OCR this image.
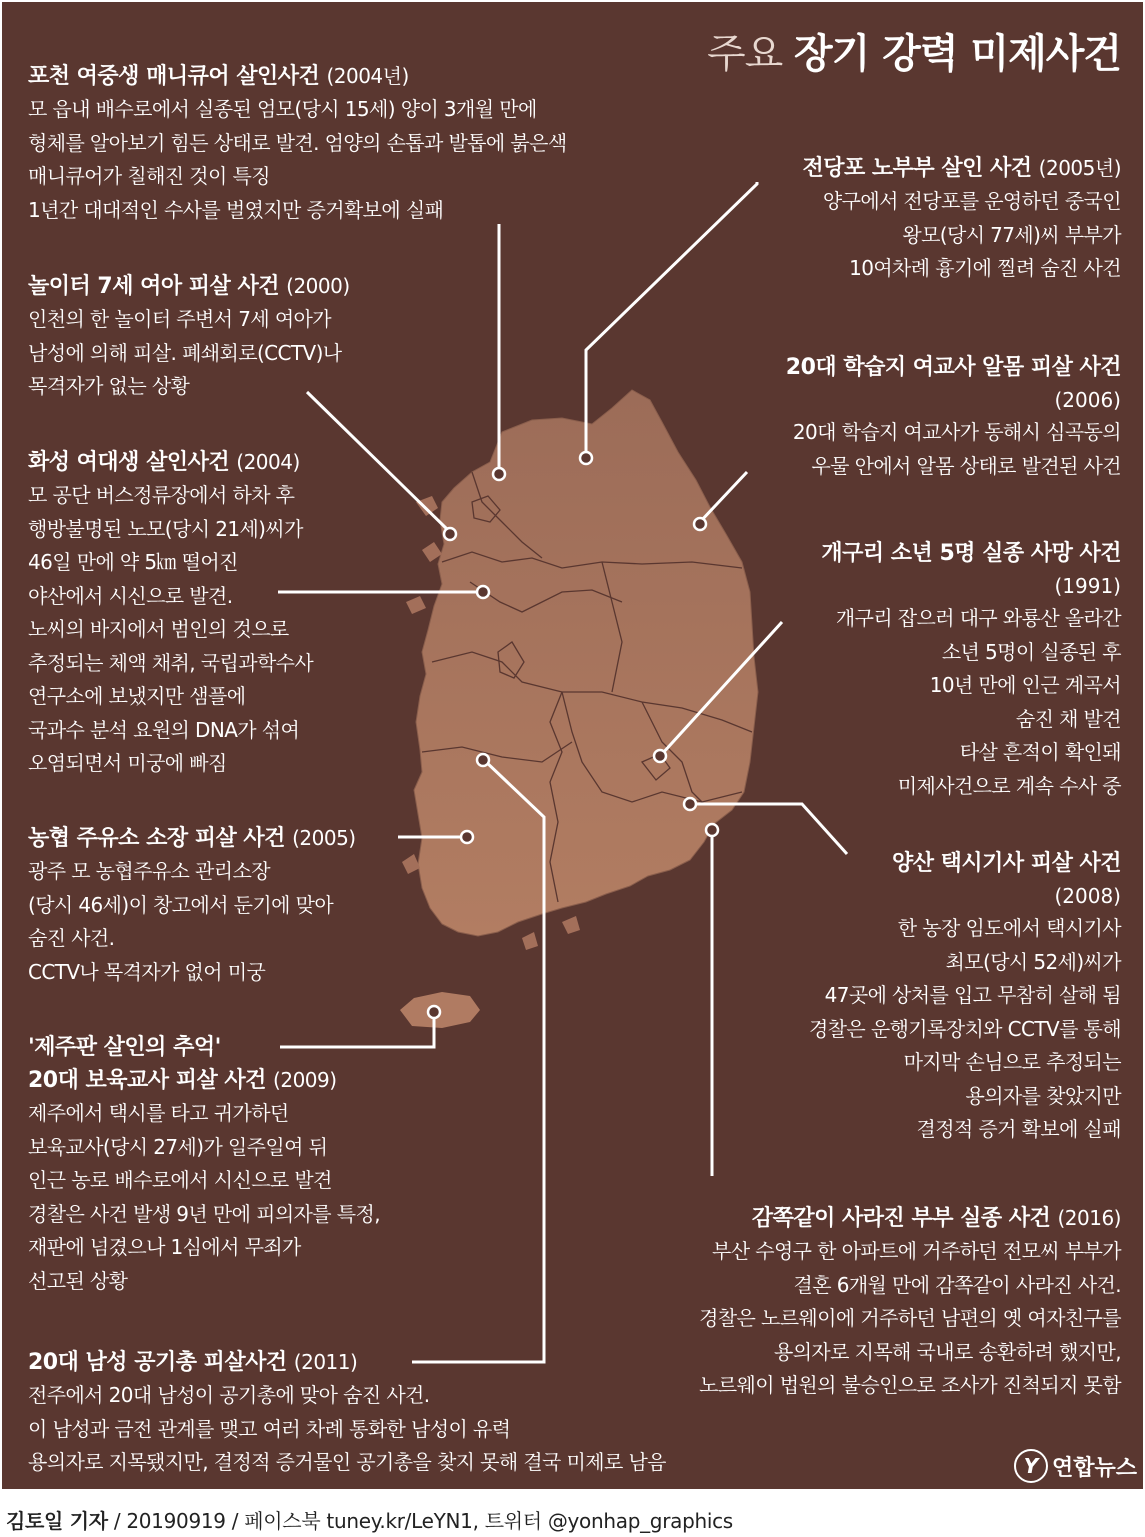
주요 장기 강력 미제사건
포천 여중생 매니큐어 살인사건 (2004년)
모 읍내 배수로에서 실종된 엄모(당시 15세) 양이 3개월 만에
형체를 알아보기 힘든 상태로 발견. 엄양의 손톱과 발톱에 붉은색
매니큐어가 칠해진 것이 특징
1년간 대대적인 수사를 벌였지만 증거확보에 실패
놀이터 7세 여아 피살 사건 (2000)
인천의 한 놀이터 주변서 7세 여아가
남성에 의해 피살. 폐쇄회로(CCTV)나
목격자가 없는 상황
화성 여대생 살인사건 (2004)
모 공단 버스정류장에서 하차 후
행방불명된 노모(당시 21세)씨가
46일 만에 약 5㎞ 떨어진
야산에서 시신으로 발견.
노씨의 바지에서 범인의 것으로
추정되는 체액 채취, 국립과학수사
연구소에 보냈지만 샘플에
국과수 분석 요원의 DNA가 섞여
오염되면서 미궁에 빠짐
농협 주유소 소장 피살 사건 (2005)
광주 모 농협주유소 관리소장
(당시 46세)이 창고에서 둔기에 맞아
숨진 사건.
CCTV나 목격자가 없어 미궁
'제주판 살인의 추억'
20대 보육교사 피살 사건 (2009)
제주에서 택시를 타고 귀가하던
보육교사(당시 27세)가 일주일여 뒤
인근 농로 배수로에서 시신으로 발견
경찰은 사건 발생 9년 만에 피의자를 특정,
재판에 넘겼으나 1심에서 무죄가
선고된 상황
20대 남성 공기총 피살사건 (2011)
전주에서 20대 남성이 공기총에 맞아 숨진 사건.
이 남성과 금전 관계를 맺고 여러 차례 통화한 남성이 유력
용의자로 지목됐지만, 결정적 증거물인 공기총을 찾지 못해 결국 미제로 남음
전당포 노부부 살인 사건 (2005년)
양구에서 전당포를 운영하던 중국인
왕모(당시 77세)씨 부부가
10여차례 흉기에 찔려 숨진 사건
20대 학습지 여교사 알몸 피살 사건
(2006)
20대 학습지 여교사가 동해시 심곡동의
우물 안에서 알몸 상태로 발견된 사건
개구리 소년 5명 실종 사망 사건
(1991)
개구리 잡으러 대구 와룡산 올라간
소년 5명이 실종된 후
10년 만에 인근 계곡서
숨진 채 발견
타살 흔적이 확인돼
미제사건으로 계속 수사 중
양산 택시기사 피살 사건
(2008)
한 농장 임도에서 택시기사
최모(당시 52세)씨가
47곳에 상처를 입고 무참히 살해 됨
경찰은 운행기록장치와 CCTV를 통해
마지막 손님으로 추정되는
용의자를 찾았지만
결정적 증거 확보에 실패
감쪽같이 사라진 부부 실종 사건 (2016)
부산 수영구 한 아파트에 거주하던 전모씨 부부가
결혼 6개월 만에 감쪽같이 사라진 사건.
경찰은 노르웨이에 거주하던 남편의 옛 여자친구를
용의자로 지목해 국내로 송환하려 했지만,
노르웨이 법원의 불승인으로 조사가 진척되지 못함
Y 연합뉴스
김토일 기자 / 20190919 / 페이스북 tuney.kr/LeYN1, 트위터 @yonhap_graphics
